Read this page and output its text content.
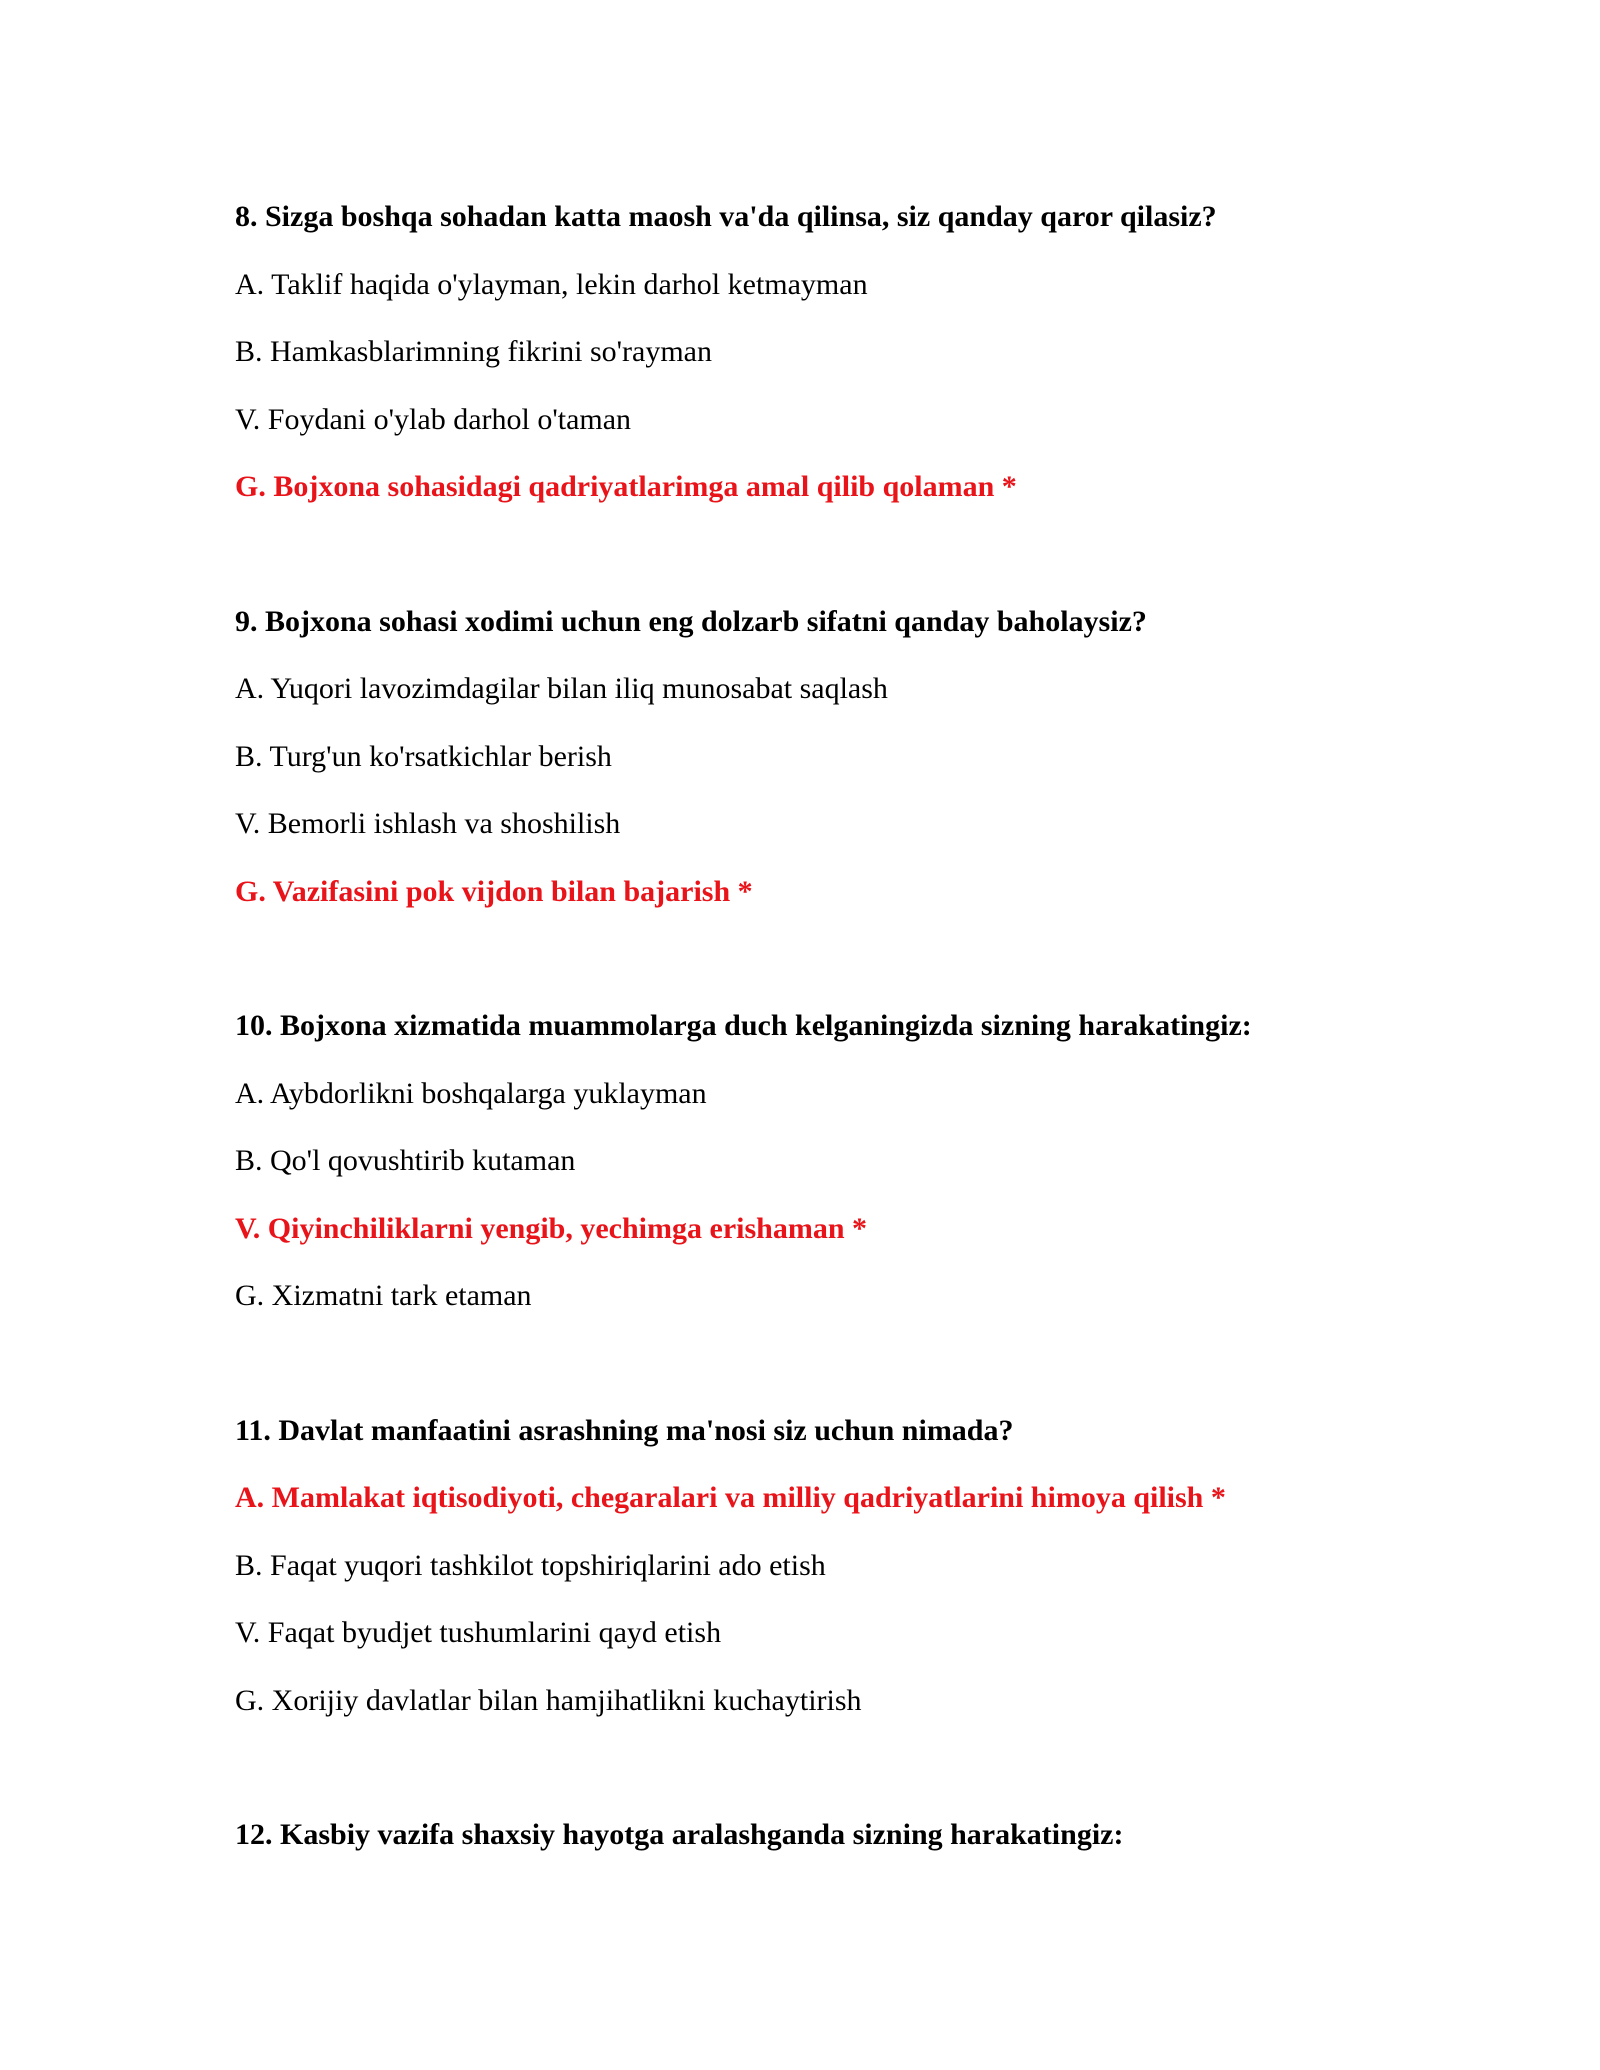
8. Sizga boshqa sohadan katta maosh va'da qilinsa, siz qanday qaror qilasiz?

A. Taklif haqida o'ylayman, lekin darhol ketmayman

B. Hamkasblarimning fikrini so'rayman

V. Foydani o'ylab darhol o'taman

G. Bojxona sohasidagi qadriyatlarimga amal qilib qolaman *

9. Bojxona sohasi xodimi uchun eng dolzarb sifatni qanday baholaysiz?

A. Yuqori lavozimdagilar bilan iliq munosabat saqlash

B. Turg'un ko'rsatkichlar berish

V. Bemorli ishlash va shoshilish

G. Vazifasini pok vijdon bilan bajarish *

10. Bojxona xizmatida muammolarga duch kelganingizda sizning harakatingiz:

A. Aybdorlikni boshqalarga yuklayman

B. Qo'l qovushtirib kutaman

V. Qiyinchiliklarni yengib, yechimga erishaman *

G. Xizmatni tark etaman

11. Davlat manfaatini asrashning ma'nosi siz uchun nimada?

A. Mamlakat iqtisodiyoti, chegaralari va milliy qadriyatlarini himoya qilish *

B. Faqat yuqori tashkilot topshiriqlarini ado etish

V. Faqat byudjet tushumlarini qayd etish

G. Xorijiy davlatlar bilan hamjihatlikni kuchaytirish

12. Kasbiy vazifa shaxsiy hayotga aralashganda sizning harakatingiz:
